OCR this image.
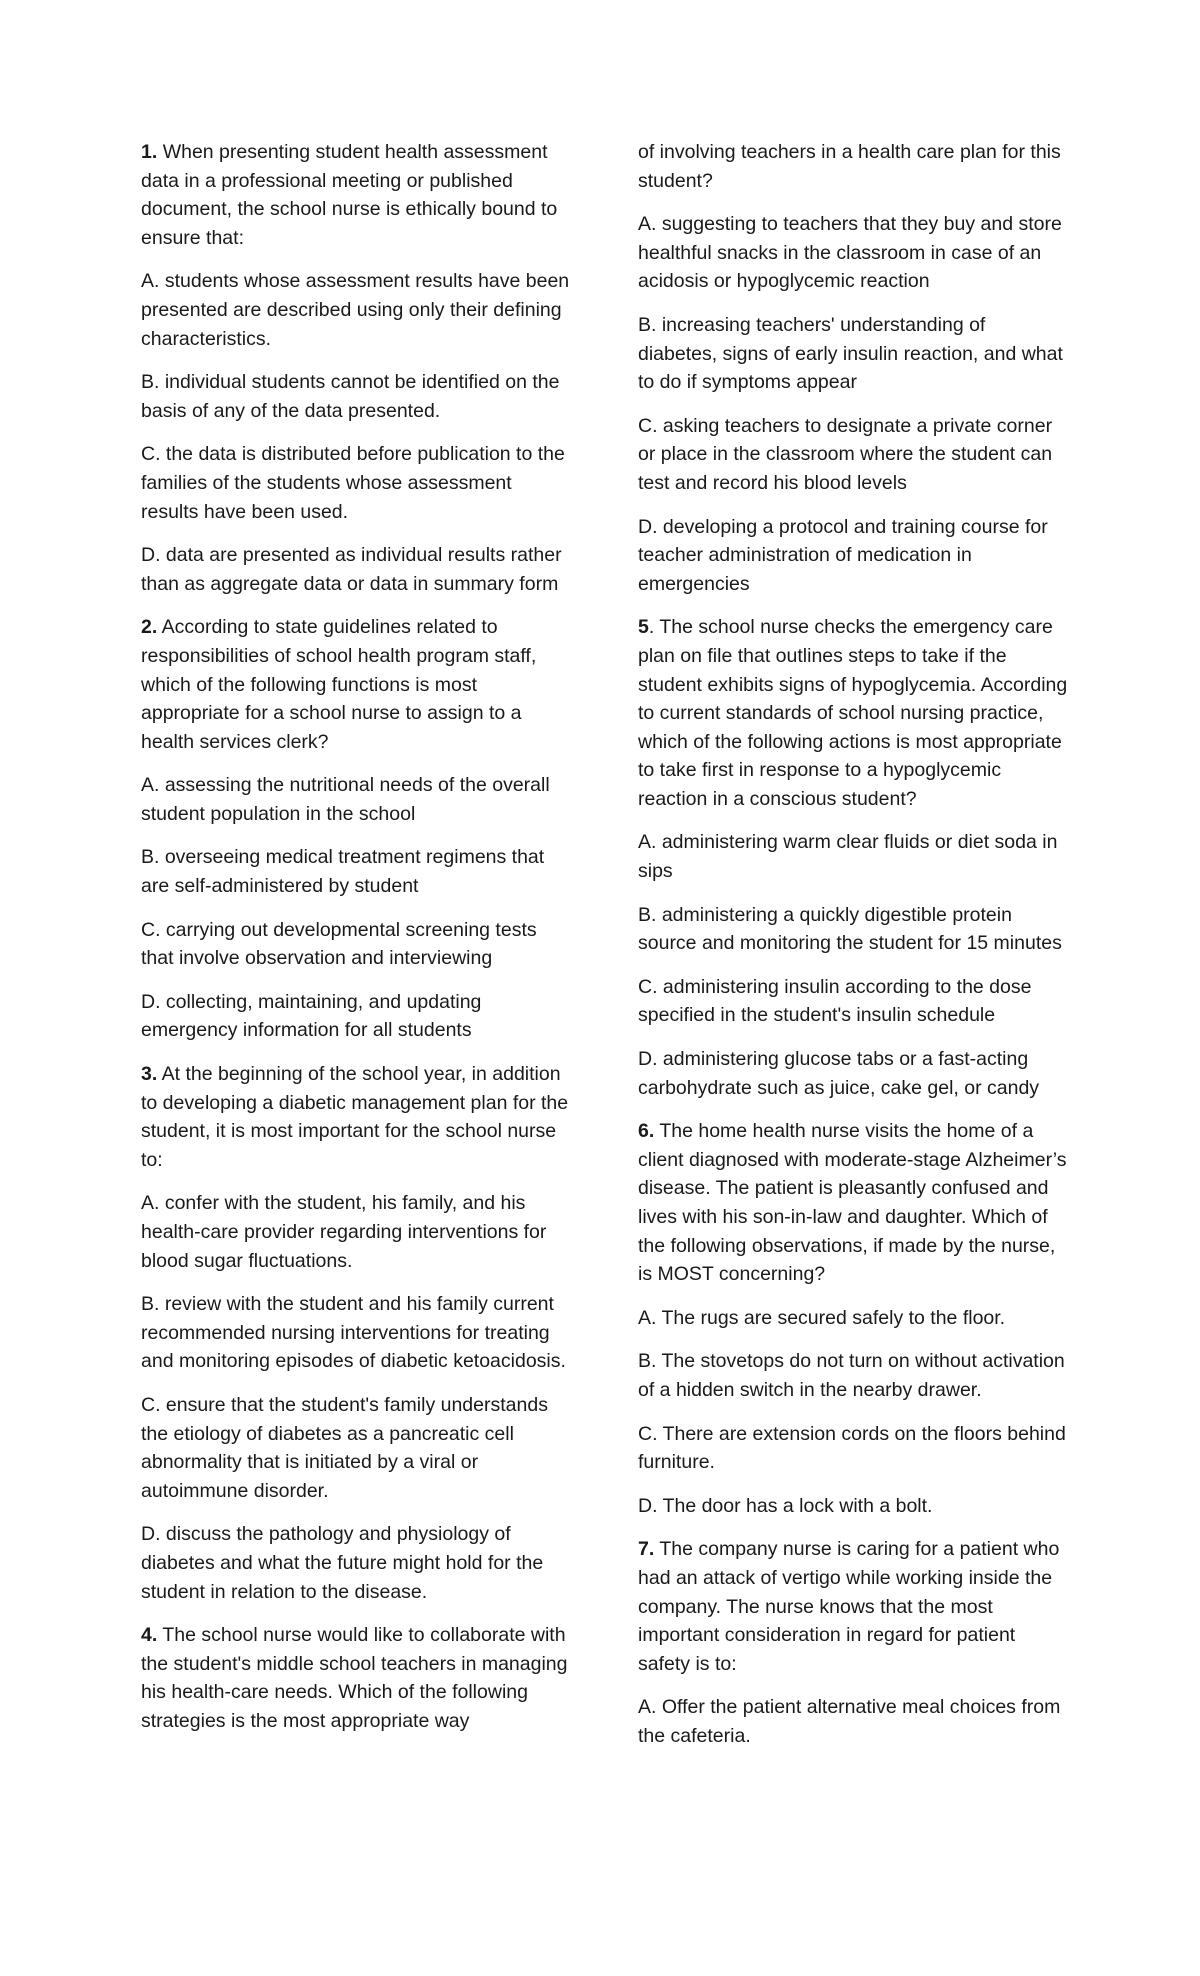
1. When presenting student health assessment data in a professional meeting or published document, the school nurse is ethically bound to ensure that:

A. students whose assessment results have been presented are described using only their defining characteristics.

B. individual students cannot be identified on the basis of any of the data presented.

C. the data is distributed before publication to the families of the students whose assessment results have been used.

D. data are presented as individual results rather than as aggregate data or data in summary form

2. According to state guidelines related to responsibilities of school health program staff, which of the following functions is most appropriate for a school nurse to assign to a health services clerk?

A. assessing the nutritional needs of the overall student population in the school

B. overseeing medical treatment regimens that are self-administered by student

C. carrying out developmental screening tests that involve observation and interviewing

D. collecting, maintaining, and updating emergency information for all students

3. At the beginning of the school year, in addition to developing a diabetic management plan for the student, it is most important for the school nurse to:

A. confer with the student, his family, and his health-care provider regarding interventions for blood sugar fluctuations.

B. review with the student and his family current recommended nursing interventions for treating and monitoring episodes of diabetic ketoacidosis.

C. ensure that the student's family understands the etiology of diabetes as a pancreatic cell abnormality that is initiated by a viral or autoimmune disorder.

D. discuss the pathology and physiology of diabetes and what the future might hold for the student in relation to the disease.

4. The school nurse would like to collaborate with the student's middle school teachers in managing his health-care needs. Which of the following strategies is the most appropriate way

of involving teachers in a health care plan for this student?

A. suggesting to teachers that they buy and store healthful snacks in the classroom in case of an acidosis or hypoglycemic reaction

B. increasing teachers' understanding of diabetes, signs of early insulin reaction, and what to do if symptoms appear

C. asking teachers to designate a private corner or place in the classroom where the student can test and record his blood levels

D. developing a protocol and training course for teacher administration of medication in emergencies

5. The school nurse checks the emergency care plan on file that outlines steps to take if the student exhibits signs of hypoglycemia. According to current standards of school nursing practice, which of the following actions is most appropriate to take first in response to a hypoglycemic reaction in a conscious student?

A. administering warm clear fluids or diet soda in sips

B. administering a quickly digestible protein source and monitoring the student for 15 minutes

C. administering insulin according to the dose specified in the student's insulin schedule

D. administering glucose tabs or a fast-acting carbohydrate such as juice, cake gel, or candy

6. The home health nurse visits the home of a client diagnosed with moderate-stage Alzheimer’s disease. The patient is pleasantly confused and lives with his son-in-law and daughter. Which of the following observations, if made by the nurse, is MOST concerning?

A. The rugs are secured safely to the floor.

B. The stovetops do not turn on without activation of a hidden switch in the nearby drawer.

C. There are extension cords on the floors behind furniture.

D. The door has a lock with a bolt.

7. The company nurse is caring for a patient who had an attack of vertigo while working inside the company. The nurse knows that the most important consideration in regard for patient safety is to:

A. Offer the patient alternative meal choices from the cafeteria.
